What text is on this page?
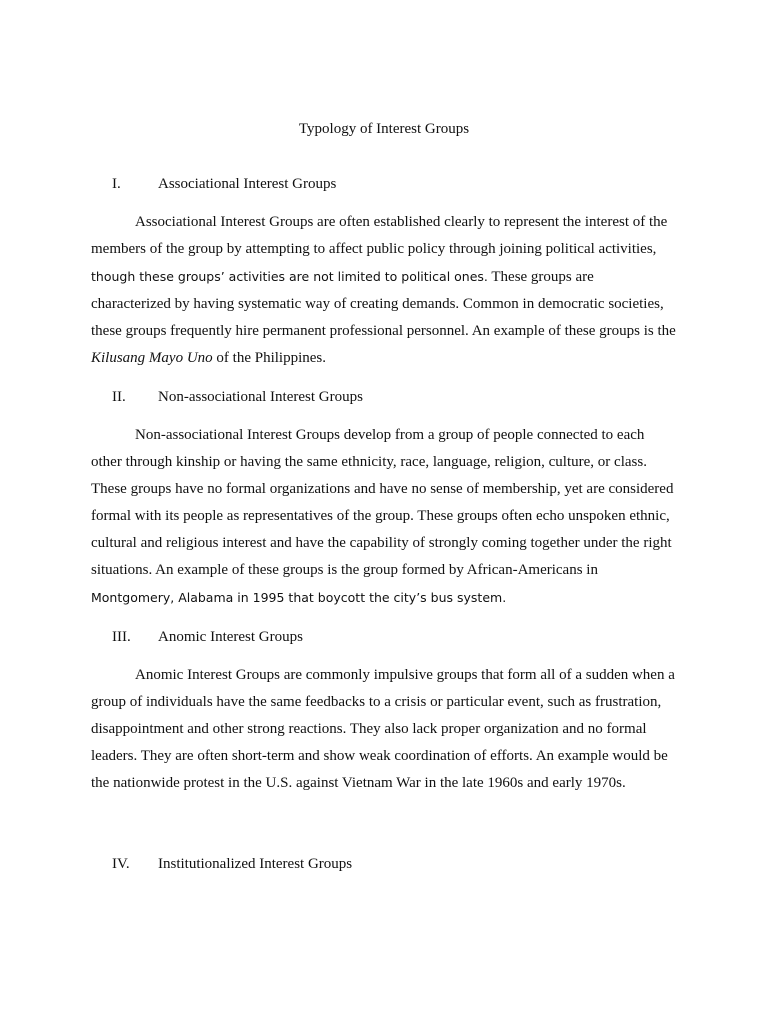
Typology of Interest Groups
I. Associational Interest Groups

Associational Interest Groups are often established clearly to represent the interest of the members of the group by attempting to affect public policy through joining political activities, though these groups’ activities are not limited to political ones. These groups are characterized by having systematic way of creating demands. Common in democratic societies, these groups frequently hire permanent professional personnel. An example of these groups is the Kilusang Mayo Uno of the Philippines.

II. Non-associational Interest Groups

Non-associational Interest Groups develop from a group of people connected to each other through kinship or having the same ethnicity, race, language, religion, culture, or class. These groups have no formal organizations and have no sense of membership, yet are considered formal with its people as representatives of the group. These groups often echo unspoken ethnic, cultural and religious interest and have the capability of strongly coming together under the right situations. An example of these groups is the group formed by African-Americans in Montgomery, Alabama in 1995 that boycott the city’s bus system.

III. Anomic Interest Groups

Anomic Interest Groups are commonly impulsive groups that form all of a sudden when a group of individuals have the same feedbacks to a crisis or particular event, such as frustration, disappointment and other strong reactions. They also lack proper organization and no formal leaders. They are often short-term and show weak coordination of efforts. An example would be the nationwide protest in the U.S. against Vietnam War in the late 1960s and early 1970s.

IV. Institutionalized Interest Groups
